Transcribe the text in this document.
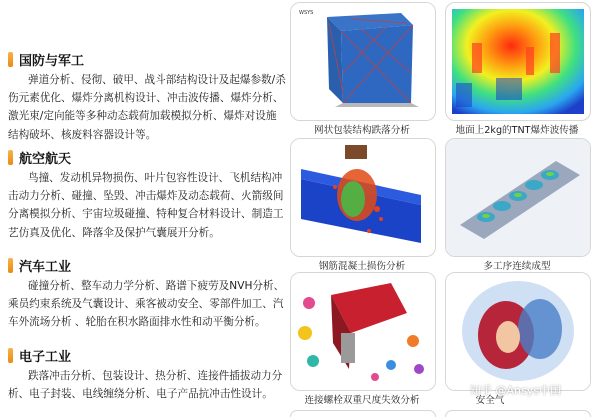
国防与军工
弹道分析、侵彻、破甲、战斗部结构设计及起爆参数/杀伤元素优化、爆炸分离机构设计、冲击波传播、爆炸分析、激光束/定向能等多种动态载荷加载模拟分析、爆炸对设施结构破坏、核废料容器设计等。
航空航天
鸟撞、发动机异物损伤、叶片包容性设计、飞机结构冲击动力分析、碰撞、坠毁、冲击爆炸及动态载荷、火箭级间分离模拟分析、宇宙垃圾碰撞、特种复合材料设计、制造工艺仿真及优化、降落伞及保护气囊展开分析。
汽车工业
碰撞分析、整车动力学分析、路谱下疲劳及NVH分析、乘员约束系统及气囊设计、乘客被动安全、零部件加工、汽车外流场分析 、轮胎在积水路面排水性和动平衡分析。
电子工业
跌落冲击分析、包装设计、热分析、连接件插拔动力分析、电子封装、电线缠绕分析、电子产品抗冲击性设计。
WSYS
网状包装结构跌落分析	地面上2kg的TNT爆炸波传播
钢筋混凝土损伤分析	多工序连续成型
连接螺栓双重尺度失效分析	安全气
知乎 @Ansys中国
